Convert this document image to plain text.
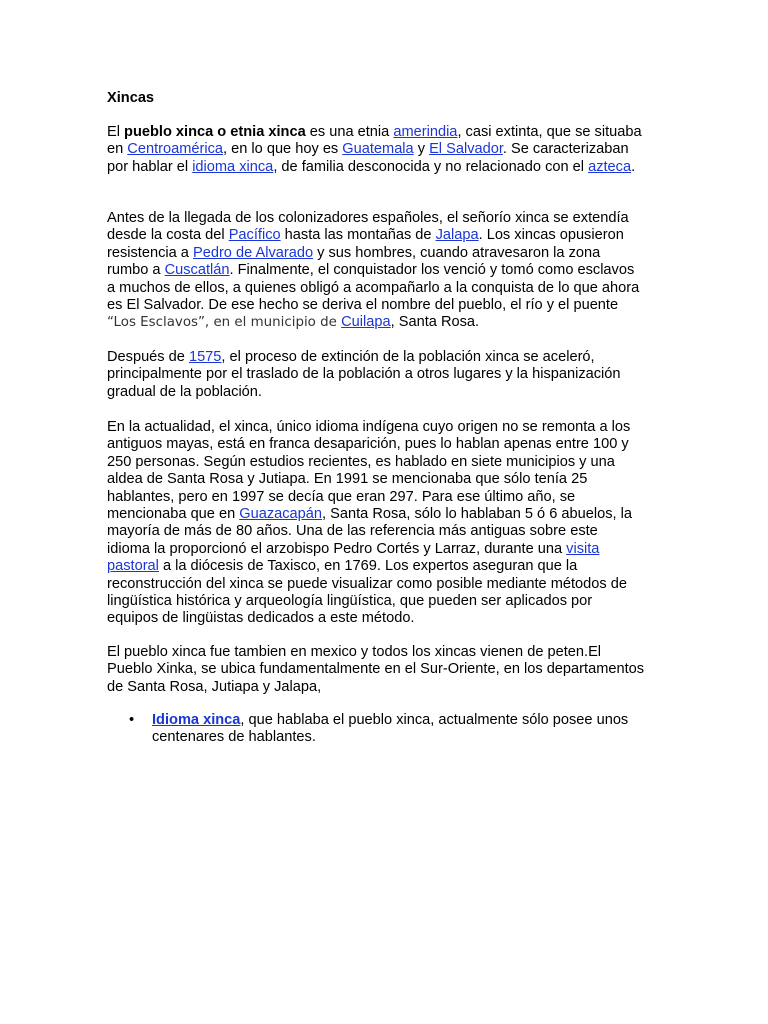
Xincas

El pueblo xinca o etnia xinca es una etnia amerindia, casi extinta, que se situaba
en Centroamérica, en lo que hoy es Guatemala y El Salvador. Se caracterizaban
por hablar el idioma xinca, de familia desconocida y no relacionado con el azteca.

Antes de la llegada de los colonizadores españoles, el señorío xinca se extendía
desde la costa del Pacífico hasta las montañas de Jalapa. Los xincas opusieron
resistencia a Pedro de Alvarado y sus hombres, cuando atravesaron la zona
rumbo a Cuscatlán. Finalmente, el conquistador los venció y tomó como esclavos
a muchos de ellos, a quienes obligó a acompañarlo a la conquista de lo que ahora
es El Salvador. De ese hecho se deriva el nombre del pueblo, el río y el puente
“Los Esclavos”, en el municipio de Cuilapa, Santa Rosa.

Después de 1575, el proceso de extinción de la población xinca se aceleró,
principalmente por el traslado de la población a otros lugares y la hispanización
gradual de la población.

En la actualidad, el xinca, único idioma indígena cuyo origen no se remonta a los
antiguos mayas, está en franca desaparición, pues lo hablan apenas entre 100 y
250 personas. Según estudios recientes, es hablado en siete municipios y una
aldea de Santa Rosa y Jutiapa. En 1991 se mencionaba que sólo tenía 25
hablantes, pero en 1997 se decía que eran 297. Para ese último año, se
mencionaba que en Guazacapán, Santa Rosa, sólo lo hablaban 5 ó 6 abuelos, la
mayoría de más de 80 años. Una de las referencia más antiguas sobre este
idioma la proporcionó el arzobispo Pedro Cortés y Larraz, durante una visita
pastoral a la diócesis de Taxisco, en 1769. Los expertos aseguran que la
reconstrucción del xinca se puede visualizar como posible mediante métodos de
lingüística histórica y arqueología lingüística, que pueden ser aplicados por
equipos de lingüistas dedicados a este método.

El pueblo xinca fue tambien en mexico y todos los xincas vienen de peten.El
Pueblo Xinka, se ubica fundamentalmente en el Sur-Oriente, en los departamentos
de Santa Rosa, Jutiapa y Jalapa,

• Idioma xinca, que hablaba el pueblo xinca, actualmente sólo posee unos
centenares de hablantes.
